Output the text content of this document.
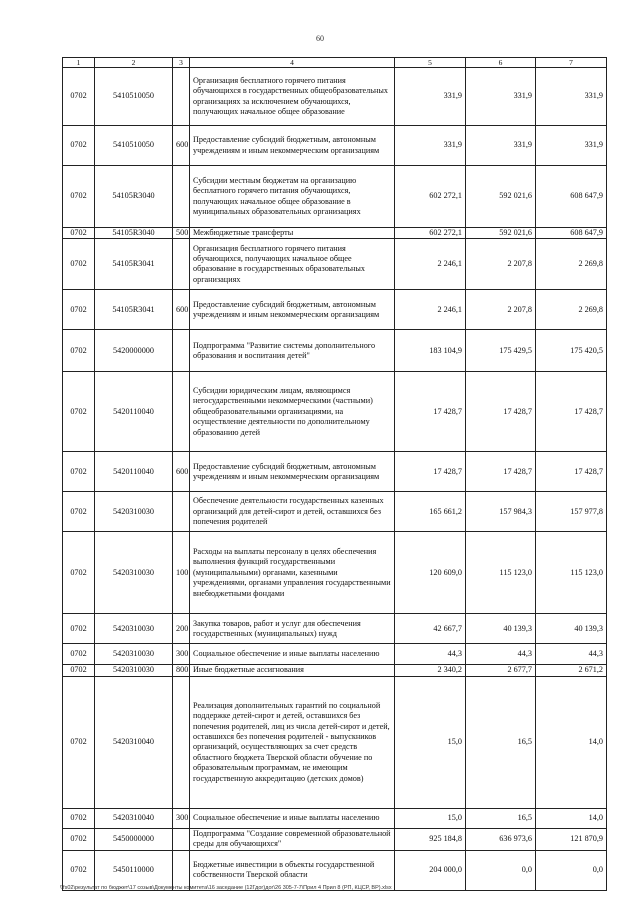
60
1	2	3	4	5	6	7
0702	5410510050		Организация бесплатного горячего питания обучающихся в государственных общеобразовательных организациях за исключением обучающихся, получающих начальное общее образование	331,9	331,9	331,9
0702	5410510050	600	Предоставление субсидий бюджетным, автономным учреждениям и иным некоммерческим организациям	331,9	331,9	331,9
0702	54105R3040		Субсидии местным бюджетам на организацию бесплатного горячего питания обучающихся, получающих начальное общее образование в муниципальных образовательных организациях	602 272,1	592 021,6	608 647,9
0702	54105R3040	500	Межбюджетные трансферты	602 272,1	592 021,6	608 647,9
0702	54105R3041		Организация бесплатного горячего питания обучающихся, получающих начальное общее образование в государственных образовательных организациях	2 246,1	2 207,8	2 269,8
0702	54105R3041	600	Предоставление субсидий бюджетным, автономным учреждениям и иным некоммерческим организациям	2 246,1	2 207,8	2 269,8
0702	5420000000		Подпрограмма "Развитие системы дополнительного образования и воспитания детей"	183 104,9	175 429,5	175 420,5
0702	5420110040		Субсидии юридическим лицам, являющимся негосударственными некоммерческими (частными) общеобразовательными организациями, на осуществление деятельности по дополнительному образованию детей	17 428,7	17 428,7	17 428,7
0702	5420110040	600	Предоставление субсидий бюджетным, автономным учреждениям и иным некоммерческим организациям	17 428,7	17 428,7	17 428,7
0702	5420310030		Обеспечение деятельности государственных казенных организаций для детей-сирот и детей, оставшихся без попечения родителей	165 661,2	157 984,3	157 977,8
0702	5420310030	100	Расходы на выплаты персоналу в целях обеспечения выполнения функций государственными (муниципальными) органами, казенными учреждениями, органами управления государственными внебюджетными фондами	120 609,0	115 123,0	115 123,0
0702	5420310030	200	Закупка товаров, работ и услуг для обеспечения государственных (муниципальных) нужд	42 667,7	40 139,3	40 139,3
0702	5420310030	300	Социальное обеспечение и иные выплаты населению	44,3	44,3	44,3
0702	5420310030	800	Иные бюджетные ассигнования	2 340,2	2 677,7	2 671,2
0702	5420310040		Реализация дополнительных гарантий по социальной поддержке детей-сирот и детей, оставшихся без попечения родителей, лиц из числа детей-сирот и детей, оставшихся без попечения родителей - выпускников организаций, осуществляющих за счет средств областного бюджета Тверской области обучение по образовательным программам, не имеющим государственную аккредитацию (детских домов)	15,0	16,5	14,0
0702	5420310040	300	Социальное обеспечение и иные выплаты населению	15,0	16,5	14,0
0702	5450000000		Подпрограмма "Создание современной образовательной среды для обучающихся"	925 184,8	636 973,6	121 870,9
0702	5450110000		Бюджетные инвестиции в объекты государственной собственности Тверской области	204 000,0	0,0	0,0
\\fs02\результат по бюджет\17 созыв\Документы комитета\16 заседание (12Гдог)дог\26 305-7-7\Прил 4 Прил 8 (РП, КЦСР, ВР).xlsx
